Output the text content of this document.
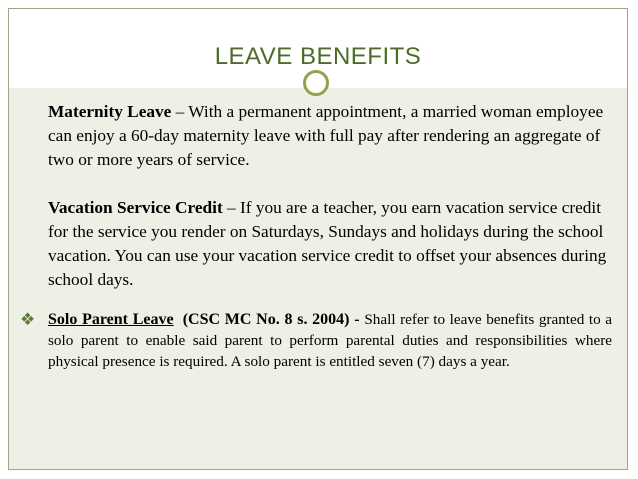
LEAVE BENEFITS

Maternity Leave – With a permanent appointment, a married woman employee can enjoy a 60-day maternity leave with full pay after rendering an aggregate of two or more years of service.

Vacation Service Credit – If you are a teacher, you earn vacation service credit for the service you render on Saturdays, Sundays and holidays during the school vacation. You can use your vacation service credit to offset your absences during school days.

❖ Solo Parent Leave (CSC MC No. 8 s. 2004) - Shall refer to leave benefits granted to a solo parent to enable said parent to perform parental duties and responsibilities where physical presence is required. A solo parent is entitled seven (7) days a year.
